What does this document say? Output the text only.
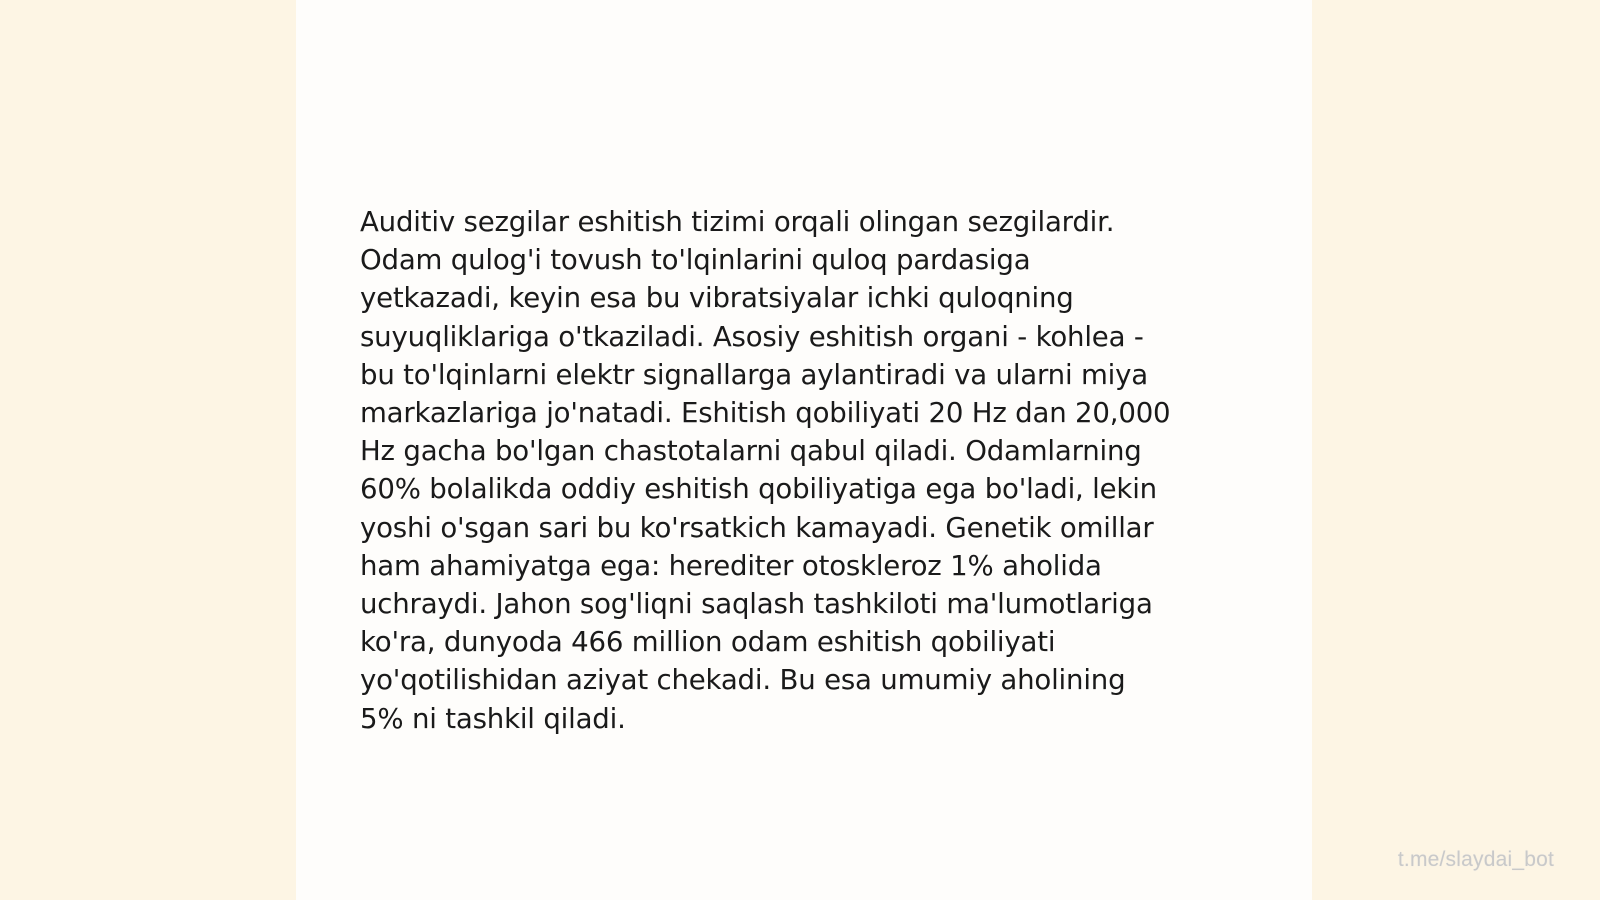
Auditiv sezgilar eshitish tizimi orqali olingan sezgilardir.
Odam qulog'i tovush to'lqinlarini quloq pardasiga
yetkazadi, keyin esa bu vibratsiyalar ichki quloqning
suyuqliklariga o'tkaziladi. Asosiy eshitish organi - kohlea -
bu to'lqinlarni elektr signallarga aylantiradi va ularni miya
markazlariga jo'natadi. Eshitish qobiliyati 20 Hz dan 20,000
Hz gacha bo'lgan chastotalarni qabul qiladi. Odamlarning
60% bolalikda oddiy eshitish qobiliyatiga ega bo'ladi, lekin
yoshi o'sgan sari bu ko'rsatkich kamayadi. Genetik omillar
ham ahamiyatga ega: herediter otoskleroz 1% aholida
uchraydi. Jahon sog'liqni saqlash tashkiloti ma'lumotlariga
ko'ra, dunyoda 466 million odam eshitish qobiliyati
yo'qotilishidan aziyat chekadi. Bu esa umumiy aholining
5% ni tashkil qiladi.

t.me/slaydai_bot
